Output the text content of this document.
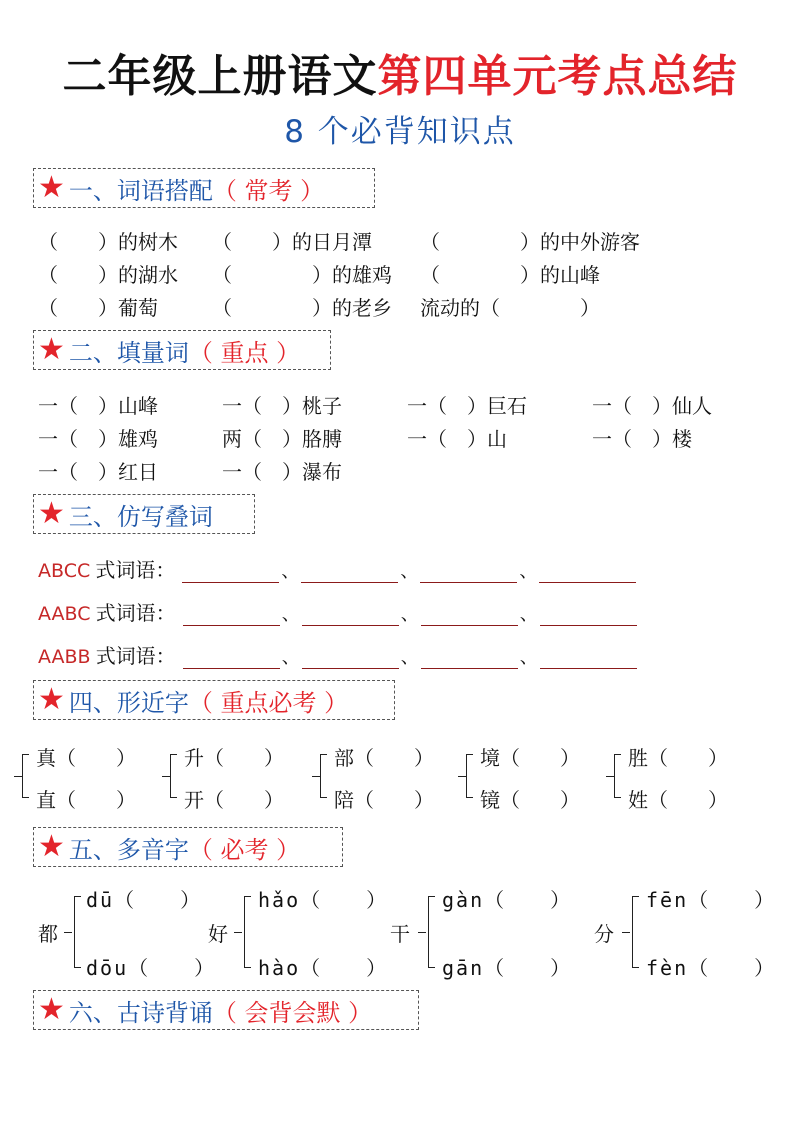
二年级上册语文第四单元考点总结
8 个必背知识点
★ 一、词语搭配 （ 常考 ）
（　　）的树木 （　　）的日月潭 （　　　　）的中外游客
（　　）的湖水 （　　　　）的雄鸡 （　　　　）的山峰
（　　）葡萄	（　　　　）的老乡 流动的（　　　　）
★ 二、填量词 （ 重点 ）
一（　）山峰	一（　）桃子	一（　）巨石	一（　）仙人
一（　）雄鸡	两（　）胳膊	一（　）山	一（　）楼
一（　）红日	一（　）瀑布
★ 三、仿写叠词
ABCC 式词语：	、	、	、
AABC 式词语：	、	、	、
AABB 式词语：	、	、	、
★ 四、形近字 （ 重点必考 ）
真（　　）
直（　　）
升（　　）
开（　　）
部（　　）
陪（　　）
境（　　）
镜（　　）
胜（　　）
姓（　　）
★ 五、多音字 （ 必考 ）
都
dū（　　）
dōu（　　）
好
hǎo（　　）
hào（　　）
干
gàn（　　）
gān（　　）
分
fēn（　　）
fèn（　　）
★ 六、古诗背诵 （ 会背会默 ）
